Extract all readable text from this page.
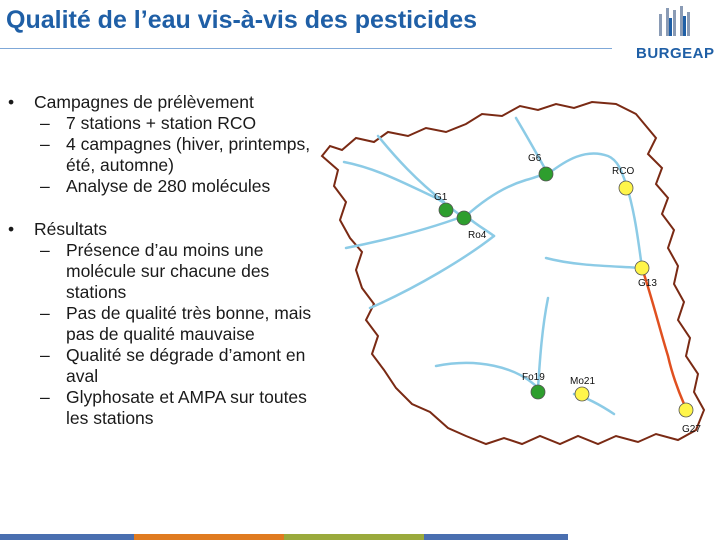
Qualité de l’eau vis-à-vis des pesticides
BURGEAP
• Campagnes de prélèvement
– 7 stations + station RCO
– 4 campagnes (hiver, printemps, été, automne)
– Analyse de 280 molécules
• Résultats
– Présence d’au moins une molécule sur chacune des stations
– Pas de qualité très bonne, mais pas de qualité mauvaise
– Qualité se dégrade d’amont en aval
– Glyphosate et AMPA sur toutes les stations
G6
RCO
G1
Ro4
G13
Fo19	Mo21
G27
